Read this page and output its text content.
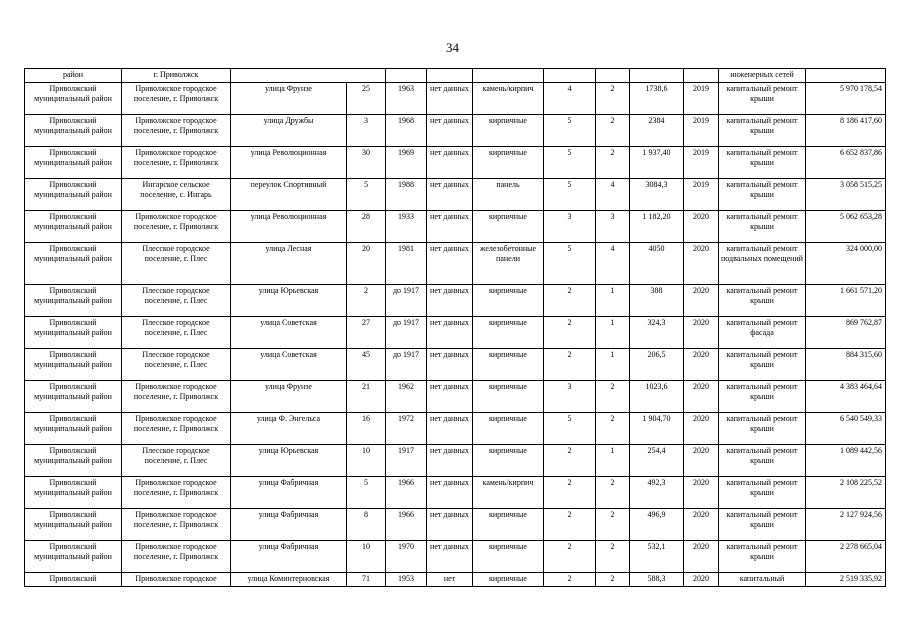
34
район	г. Приволжск										инженерных сетей	
Приволжский муниципальный район	Приволжское городское поселение, г. Приволжск	улица Фрунзе	25	1963	нет данных	камень/кирпич	4	2	1738,6	2019	капитальный ремонт крыши	5 970 178,54
Приволжский муниципальный район	Приволжское городское поселение, г. Приволжск	улица Дружбы	3	1968	нет данных	кирпичные	5	2	2384	2019	капитальный ремонт крыши	8 186 417,60
Приволжский муниципальный район	Приволжское городское поселение, г. Приволжск	улица Революционная	30	1969	нет данных	кирпичные	5	2	1 937,40	2019	капитальный ремонт крыши	6 652 837,86
Приволжский муниципальный район	Ингарское сельское поселение, с. Ингарь	переулок Спортивный	5	1988	нет данных	панель	5	4	3084,3	2019	капитальный ремонт крыши	3 058 515,25
Приволжский муниципальный район	Приволжское городское поселение, г. Приволжск	улица Революционная	28	1933	нет данных	кирпичные	3	3	1 182,20	2020	капитальный ремонт крыши	5 062 653,28
Приволжский муниципальный район	Плесское городское поселение, г. Плес	улица Лесная	20	1981	нет данных	железобетонные панели	5	4	4050	2020	капитальный ремонт подвальных помещений	324 000,00
Приволжский муниципальный район	Плесское городское поселение, г. Плес	улица Юрьевская	2	до 1917	нет данных	кирпичные	2	1	388	2020	капитальный ремонт крыши	1 661 571,20
Приволжский муниципальный район	Плесское городское поселение, г. Плес	улица Советская	27	до 1917	нет данных	кирпичные	2	1	324,3	2020	капитальный ремонт фасада	869 762,87
Приволжский муниципальный район	Плесское городское поселение, г. Плес	улица Советская	45	до 1917	нет данных	кирпичные	2	1	206,5	2020	капитальный ремонт крыши	884 315,60
Приволжский муниципальный район	Приволжское городское поселение, г. Приволжск	улица Фрунзе	21	1962	нет данных	кирпичные	3	2	1023,6	2020	капитальный ремонт крыши	4 383 464,64
Приволжский муниципальный район	Приволжское городское поселение, г. Приволжск	улица Ф. Энгельса	16	1972	нет данных	кирпичные	5	2	1 904,70	2020	капитальный ремонт крыши	6 540 549,33
Приволжский муниципальный район	Плесское городское поселение, г. Плес	улица Юрьевская	10	1917	нет данных	кирпичные	2	1	254,4	2020	капитальный ремонт крыши	1 089 442,56
Приволжский муниципальный район	Приволжское городское поселение, г. Приволжск	улица Фабричная	5	1966	нет данных	камень/кирпич	2	2	492,3	2020	капитальный ремонт крыши	2 108 225,52
Приволжский муниципальный район	Приволжское городское поселение, г. Приволжск	улица Фабричная	8	1966	нет данных	кирпичные	2	2	496,9	2020	капитальный ремонт крыши	2 127 924,56
Приволжский муниципальный район	Приволжское городское поселение, г. Приволжск	улица Фабричная	10	1970	нет данных	кирпичные	2	2	532,1	2020	капитальный ремонт крыши	2 278 665,04
Приволжский	Приволжское городское	улица Коминтерновская	71	1953	нет	кирпичные	2	2	588,3	2020	капитальный	2 519 335,92
